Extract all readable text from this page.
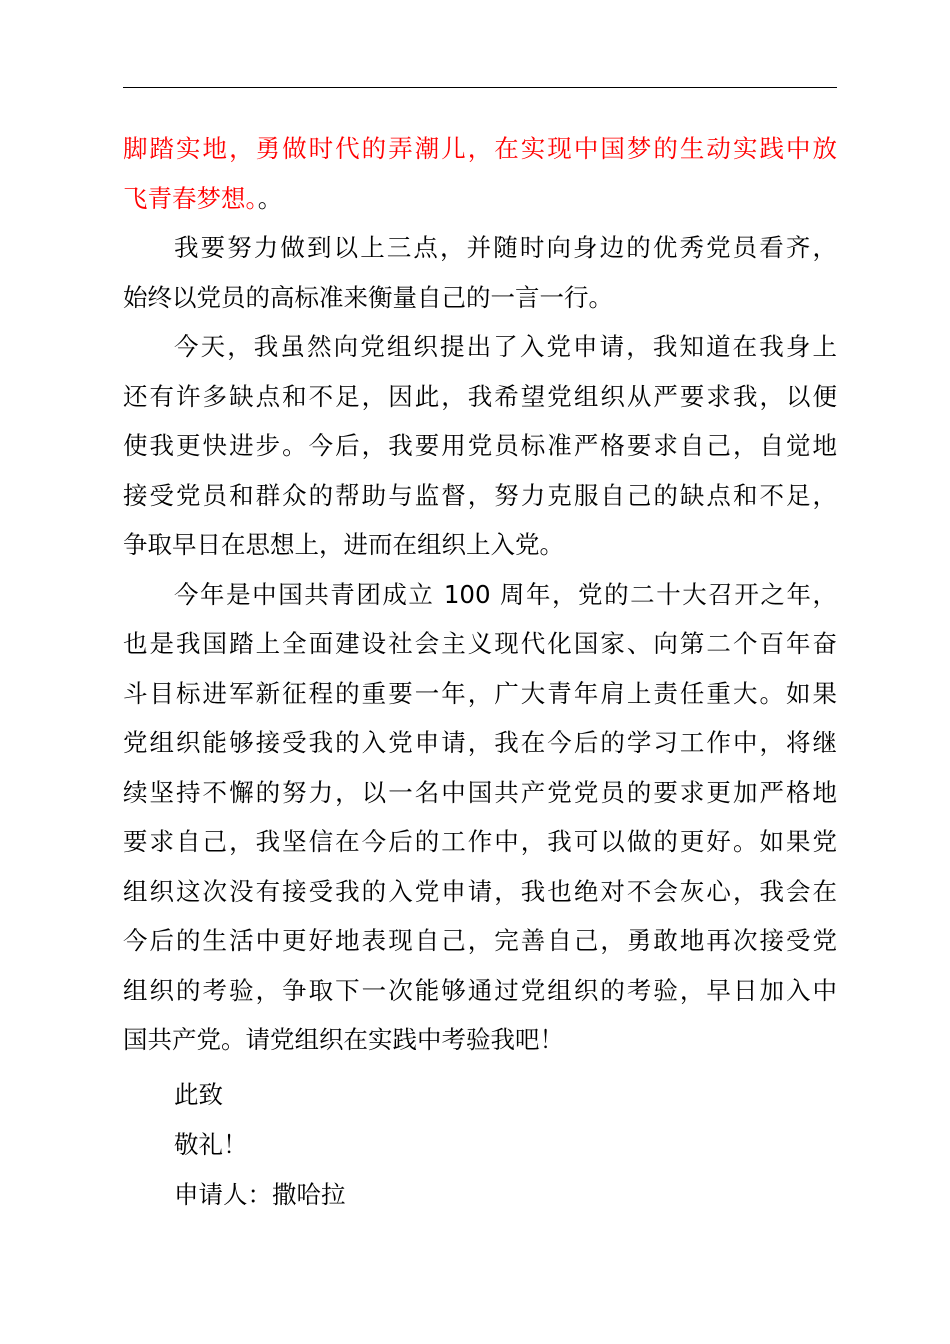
脚踏实地，勇做时代的弄潮儿，在实现中国梦的生动实践中放
飞青春梦想。。
我要努力做到以上三点，并随时向身边的优秀党员看齐，
始终以党员的高标准来衡量自己的一言一行。
今天，我虽然向党组织提出了入党申请，我知道在我身上
还有许多缺点和不足，因此，我希望党组织从严要求我，以便
使我更快进步。今后，我要用党员标准严格要求自己，自觉地
接受党员和群众的帮助与监督，努力克服自己的缺点和不足，
争取早日在思想上，进而在组织上入党。
今年是中国共青团成立 100 周年，党的二十大召开之年，
也是我国踏上全面建设社会主义现代化国家、向第二个百年奋
斗目标进军新征程的重要一年，广大青年肩上责任重大。如果
党组织能够接受我的入党申请，我在今后的学习工作中，将继
续坚持不懈的努力，以一名中国共产党党员的要求更加严格地
要求自己，我坚信在今后的工作中，我可以做的更好。如果党
组织这次没有接受我的入党申请，我也绝对不会灰心，我会在
今后的生活中更好地表现自己，完善自己，勇敢地再次接受党
组织的考验，争取下一次能够通过党组织的考验，早日加入中
国共产党。请党组织在实践中考验我吧！
此致
敬礼！
申请人：撒哈拉
